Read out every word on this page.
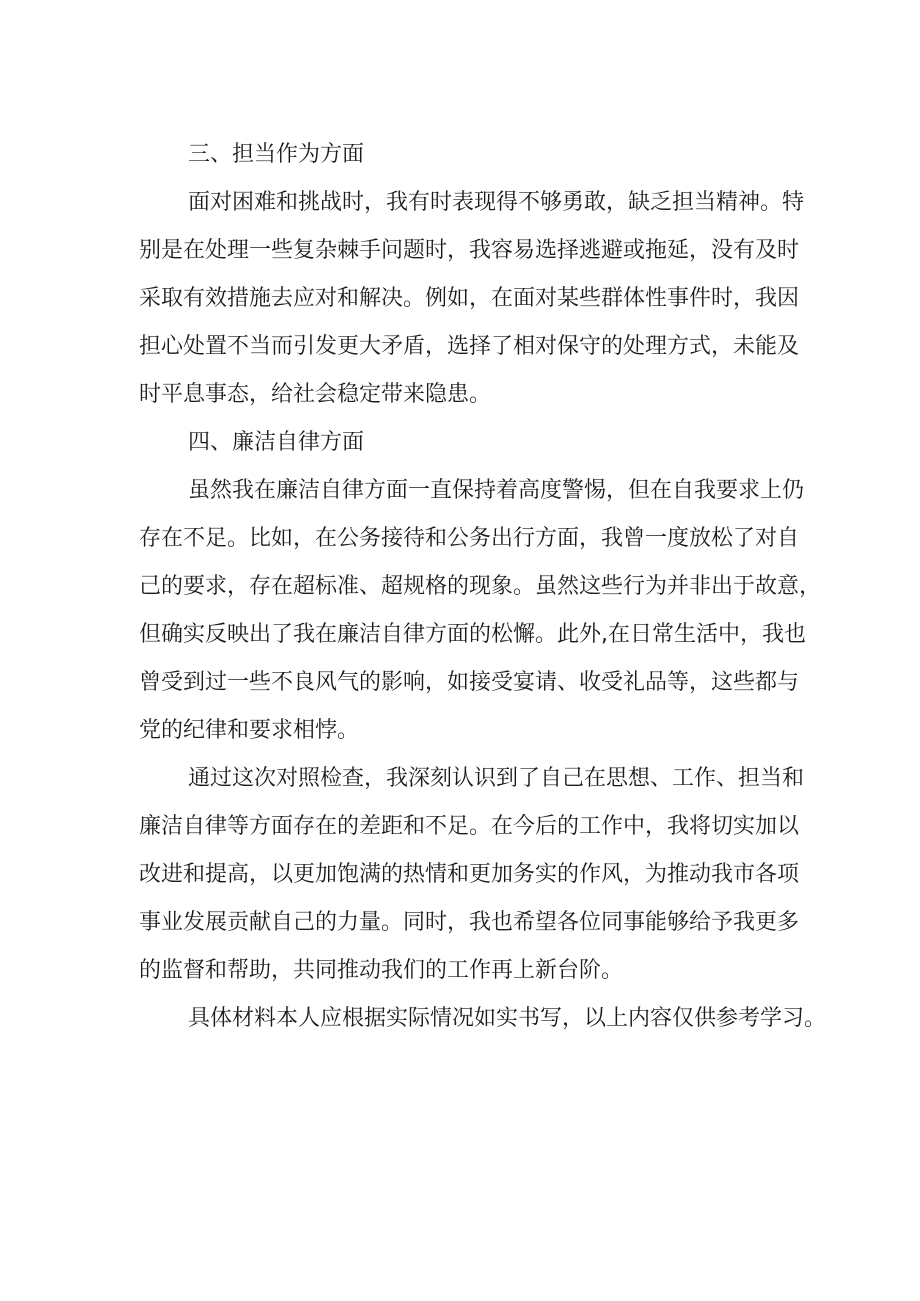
三、担当作为方面

面对困难和挑战时，我有时表现得不够勇敢，缺乏担当精神。特

别是在处理一些复杂棘手问题时，我容易选择逃避或拖延，没有及时

采取有效措施去应对和解决。例如，在面对某些群体性事件时，我因

担心处置不当而引发更大矛盾，选择了相对保守的处理方式，未能及

时平息事态，给社会稳定带来隐患。

四、廉洁自律方面

虽然我在廉洁自律方面一直保持着高度警惕，但在自我要求上仍

存在不足。比如，在公务接待和公务出行方面，我曾一度放松了对自

己的要求，存在超标准、超规格的现象。虽然这些行为并非出于故意，

但确实反映出了我在廉洁自律方面的松懈。此外,在日常生活中，我也

曾受到过一些不良风气的影响，如接受宴请、收受礼品等，这些都与

党的纪律和要求相悖。

通过这次对照检查，我深刻认识到了自己在思想、工作、担当和

廉洁自律等方面存在的差距和不足。在今后的工作中，我将切实加以

改进和提高，以更加饱满的热情和更加务实的作风，为推动我市各项

事业发展贡献自己的力量。同时，我也希望各位同事能够给予我更多

的监督和帮助，共同推动我们的工作再上新台阶。

具体材料本人应根据实际情况如实书写，以上内容仅供参考学习。
